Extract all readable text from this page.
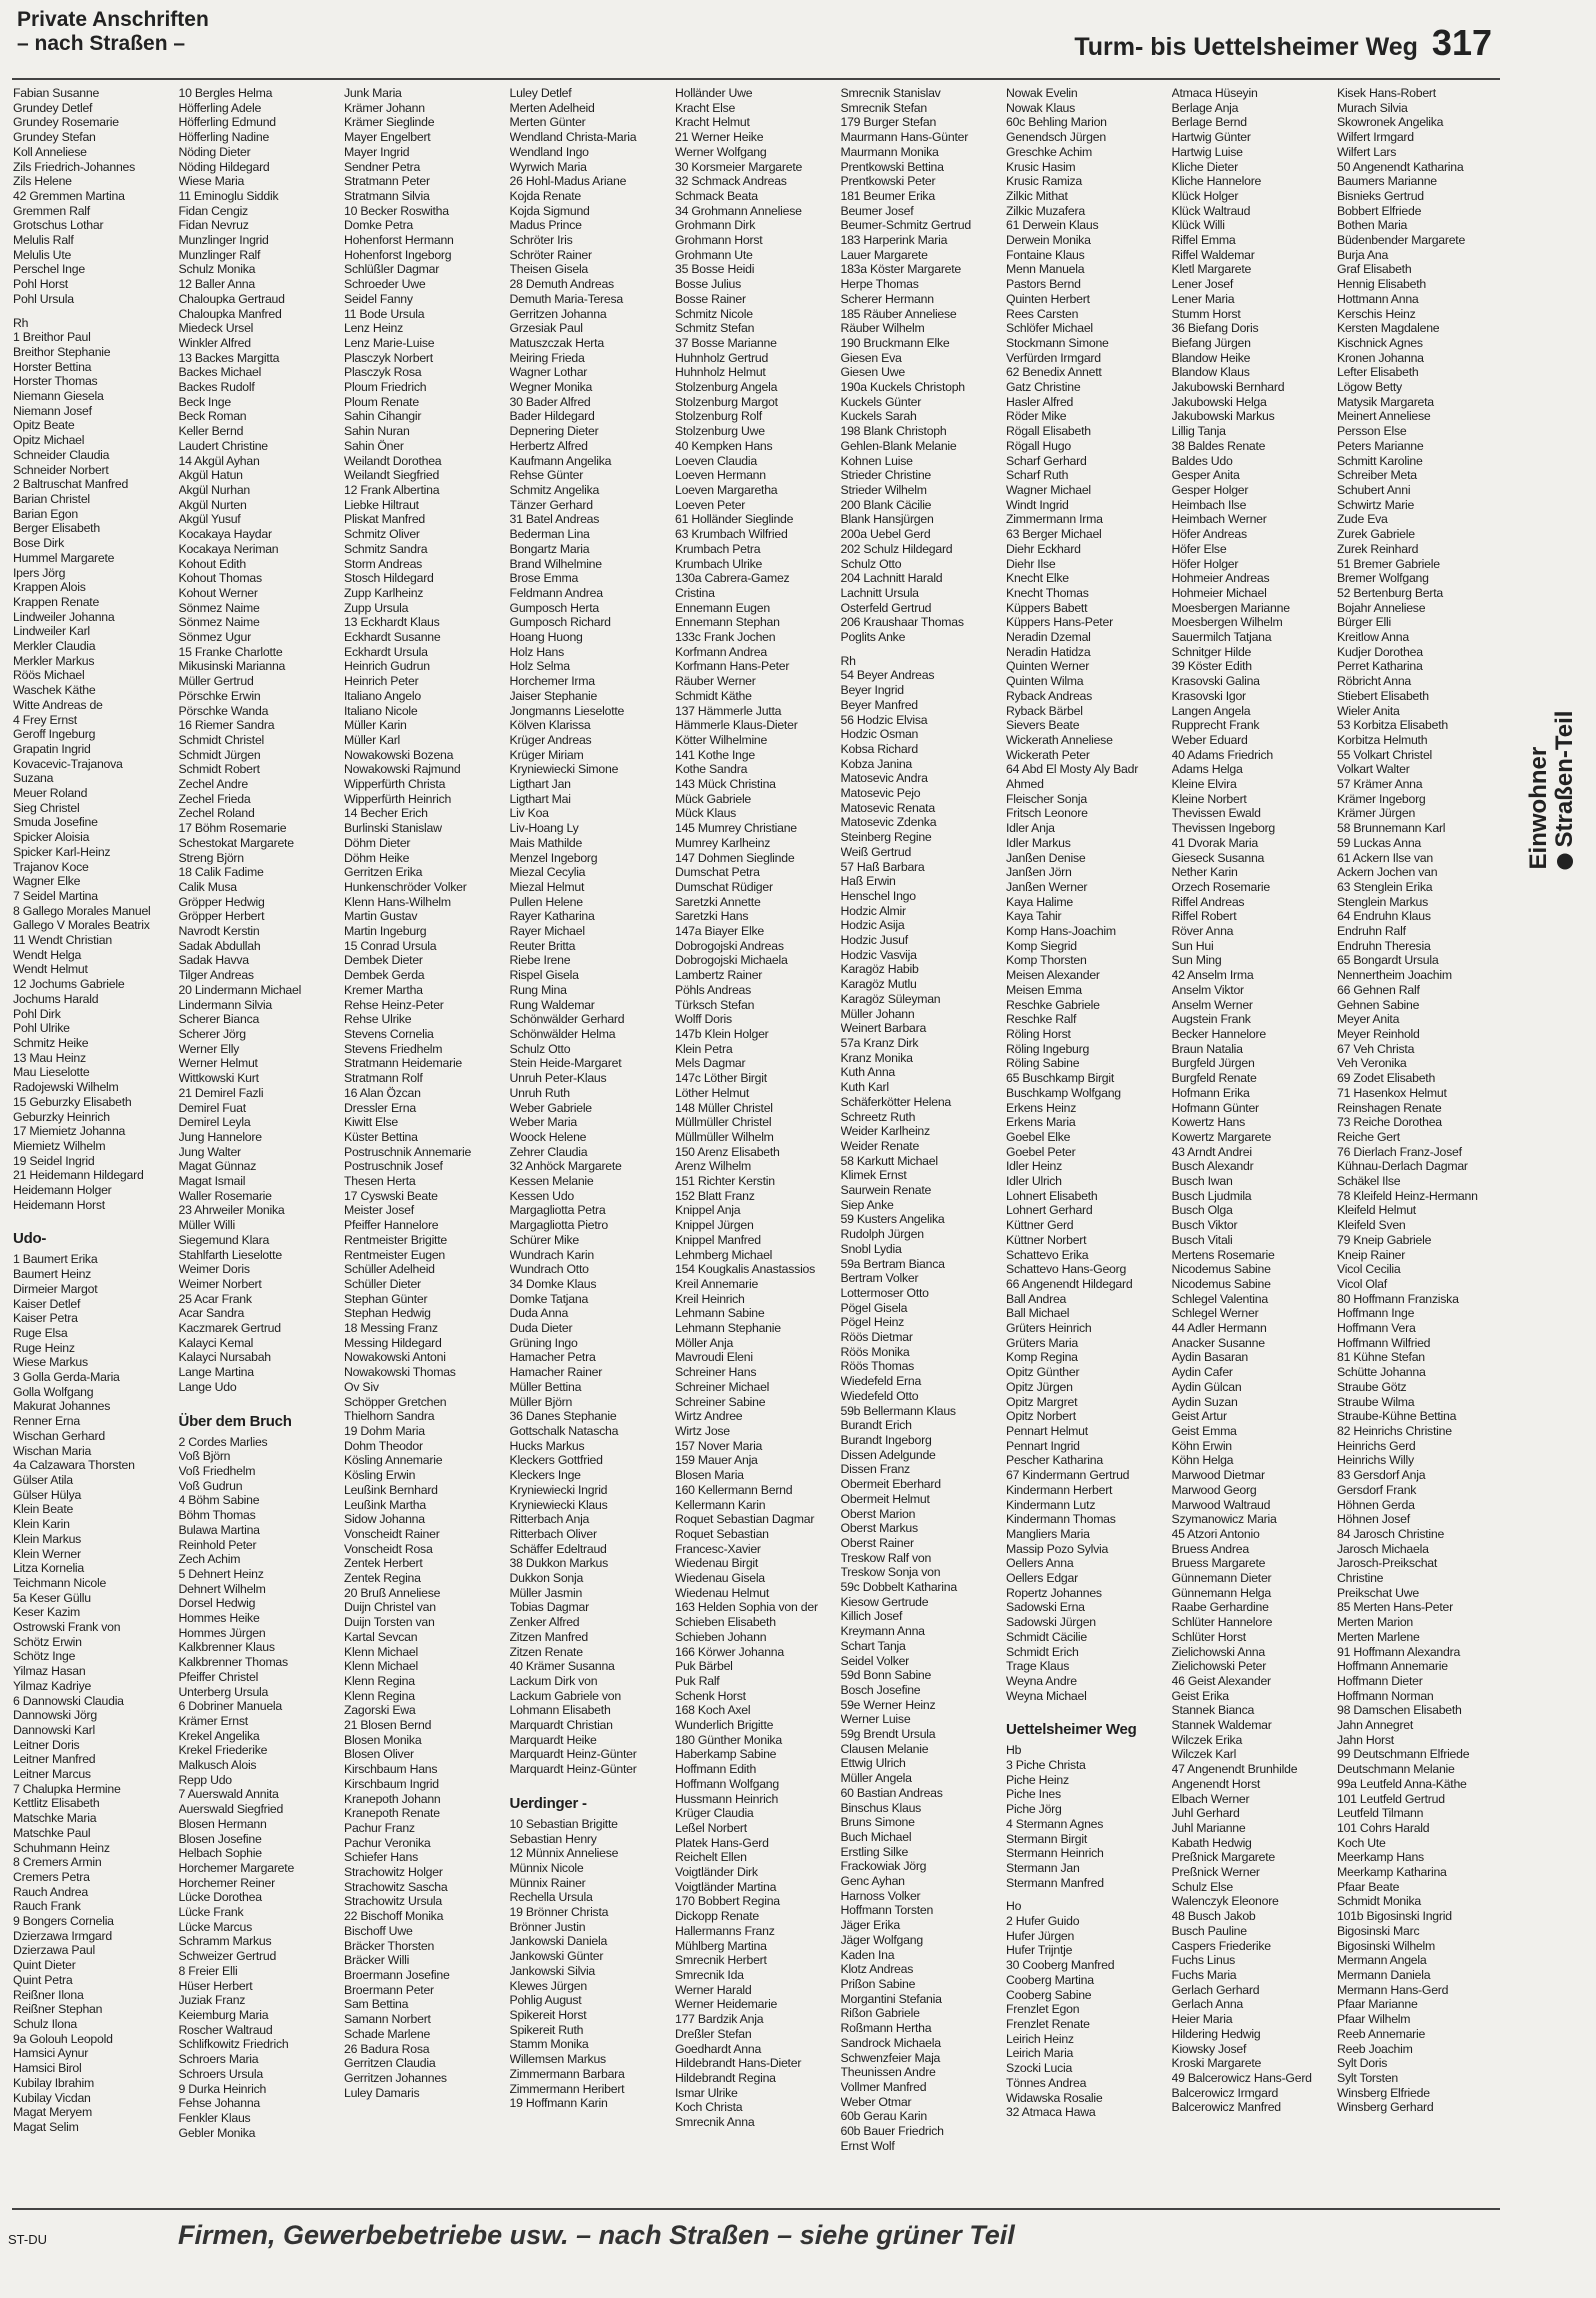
Private Anschriften
– nach Straßen –	Turm- bis Uettelsheimer Weg 317
Fabian Susanne
Grundey Detlef
Grundey Rosemarie
Grundey Stefan
Koll Anneliese
Zils Friedrich-Johannes
Zils Helene
42 Gremmen Martina
Gremmen Ralf
Grotschus Lothar
Melulis Ralf
Melulis Ute
Perschel Inge
Pohl Horst
Pohl Ursula
Rh
1 Breithor Paul
Breithor Stephanie
Horster Bettina
Horster Thomas
Niemann Giesela
Niemann Josef
Opitz Beate
Opitz Michael
Schneider Claudia
Schneider Norbert
2 Baltruschat Manfred
Barian Christel
Barian Egon
Berger Elisabeth
Bose Dirk
Hummel Margarete
Ipers Jörg
Krappen Alois
Krappen Renate
Lindweiler Johanna
Lindweiler Karl
Merkler Claudia
Merkler Markus
Röös Michael
Waschek Käthe
Witte Andreas de
4 Frey Ernst
Geroff Ingeburg
Grapatin Ingrid
Kovacevic-Trajanova
Suzana
Meuer Roland
Sieg Christel
Smuda Josefine
Spicker Aloisia
Spicker Karl-Heinz
Trajanov Koce
Wagner Elke
7 Seidel Martina
8 Gallego Morales Manuel
Gallego V Morales Beatrix
11 Wendt Christian
Wendt Helga
Wendt Helmut
12 Jochums Gabriele
Jochums Harald
Pohl Dirk
Pohl Ulrike
Schmitz Heike
13 Mau Heinz
Mau Lieselotte
Radojewski Wilhelm
15 Geburzky Elisabeth
Geburzky Heinrich
17 Miemietz Johanna
Miemietz Wilhelm
19 Seidel Ingrid
21 Heidemann Hildegard
Heidemann Holger
Heidemann Horst
Udo-
1 Baumert Erika
Baumert Heinz
Dirmeier Margot
Kaiser Detlef
Kaiser Petra
Ruge Elsa
Ruge Heinz
Wiese Markus
3 Golla Gerda-Maria
Golla Wolfgang
Makurat Johannes
Renner Erna
Wischan Gerhard
Wischan Maria
4a Calzawara Thorsten
Gülser Atila
Gülser Hülya
Klein Beate
Klein Karin
Klein Markus
Klein Werner
Litza Kornelia
Teichmann Nicole
5a Keser Güllu
Keser Kazim
Ostrowski Frank von
Schötz Erwin
Schötz Inge
Yilmaz Hasan
Yilmaz Kadriye
6 Dannowski Claudia
Dannowski Jörg
Dannowski Karl
Leitner Doris
Leitner Manfred
Leitner Marcus
7 Chalupka Hermine
Kettlitz Elisabeth
Matschke Maria
Matschke Paul
Schuhmann Heinz
8 Cremers Armin
Cremers Petra
Rauch Andrea
Rauch Frank
9 Bongers Cornelia
Dzierzawa Irmgard
Dzierzawa Paul
Quint Dieter
Quint Petra
Reißner Ilona
Reißner Stephan
Schulz Ilona
9a Golouh Leopold
Hamsici Aynur
Hamsici Birol
Kubilay Ibrahim
Kubilay Vicdan
Magat Meryem
Magat Selim
10 Bergles Helma
Höfferling Adele
Höfferling Edmund
Höfferling Nadine
Nöding Dieter
Nöding Hildegard
Wiese Maria
11 Eminoglu Siddik
Fidan Cengiz
Fidan Nevruz
Munzlinger Ingrid
Munzlinger Ralf
Schulz Monika
12 Baller Anna
Chaloupka Gertraud
Chaloupka Manfred
Miedeck Ursel
Winkler Alfred
13 Backes Margitta
Backes Michael
Backes Rudolf
Beck Inge
Beck Roman
Keller Bernd
Laudert Christine
14 Akgül Ayhan
Akgül Hatun
Akgül Nurhan
Akgül Nurten
Akgül Yusuf
Kocakaya Haydar
Kocakaya Neriman
Kohout Edith
Kohout Thomas
Kohout Werner
Sönmez Naime
Sönmez Naime
Sönmez Ugur
15 Franke Charlotte
Mikusinski Marianna
Müller Gertrud
Pörschke Erwin
Pörschke Wanda
16 Riemer Sandra
Schmidt Christel
Schmidt Jürgen
Schmidt Robert
Zechel Andre
Zechel Frieda
Zechel Roland
17 Böhm Rosemarie
Schestokat Margarete
Streng Björn
18 Calik Fadime
Calik Musa
Gröpper Hedwig
Gröpper Herbert
Navrodt Kerstin
Sadak Abdullah
Sadak Havva
Tilger Andreas
20 Lindermann Michael
Lindermann Silvia
Scherer Bianca
Scherer Jörg
Werner Elly
Werner Helmut
Wittkowski Kurt
21 Demirel Fazli
Demirel Fuat
Demirel Leyla
Jung Hannelore
Jung Walter
Magat Günnaz
Magat Ismail
Waller Rosemarie
23 Ahrweiler Monika
Müller Willi
Siegemund Klara
Stahlfarth Lieselotte
Weimer Doris
Weimer Norbert
25 Acar Frank
Acar Sandra
Kaczmarek Gertrud
Kalayci Kemal
Kalayci Nursabah
Lange Martina
Lange Udo
Über dem Bruch
2 Cordes Marlies
Voß Björn
Voß Friedhelm
Voß Gudrun
4 Böhm Sabine
Böhm Thomas
Bulawa Martina
Reinhold Peter
Zech Achim
5 Dehnert Heinz
Dehnert Wilhelm
Dorsel Hedwig
Hommes Heike
Hommes Jürgen
Kalkbrenner Klaus
Kalkbrenner Thomas
Pfeiffer Christel
Unterberg Ursula
6 Dobriner Manuela
Krämer Ernst
Krekel Angelika
Krekel Friederike
Malkusch Alois
Repp Udo
7 Auerswald Annita
Auerswald Siegfried
Blosen Hermann
Blosen Josefine
Helbach Sophie
Horchemer Margarete
Horchemer Reiner
Lücke Dorothea
Lücke Frank
Lücke Marcus
Schramm Markus
Schweizer Gertrud
8 Freier Elli
Hüser Herbert
Juziak Franz
Keiemburg Maria
Roscher Waltraud
Schlifkowitz Friedrich
Schroers Maria
Schroers Ursula
9 Durka Heinrich
Fehse Johanna
Fenkler Klaus
Gebler Monika
Junk Maria
Krämer Johann
Krämer Sieglinde
Mayer Engelbert
Mayer Ingrid
Sendner Petra
Stratmann Peter
Stratmann Silvia
10 Becker Roswitha
Domke Petra
Hohenforst Hermann
Hohenforst Ingeborg
Schlüßler Dagmar
Schroeder Uwe
Seidel Fanny
11 Bode Ursula
Lenz Heinz
Lenz Marie-Luise
Plasczyk Norbert
Plasczyk Rosa
Ploum Friedrich
Ploum Renate
Sahin Cihangir
Sahin Nuran
Sahin Öner
Weilandt Dorothea
Weilandt Siegfried
12 Frank Albertina
Liebke Hiltraut
Pliskat Manfred
Schmitz Oliver
Schmitz Sandra
Storm Andreas
Stosch Hildegard
Zupp Karlheinz
Zupp Ursula
13 Eckhardt Klaus
Eckhardt Susanne
Eckhardt Ursula
Heinrich Gudrun
Heinrich Peter
Italiano Angelo
Italiano Nicole
Müller Karin
Müller Karl
Nowakowski Bozena
Nowakowski Rajmund
Wipperfürth Christa
Wipperfürth Heinrich
14 Becher Erich
Burlinski Stanislaw
Döhm Dieter
Döhm Heike
Gerritzen Erika
Hunkenschröder Volker
Klenn Hans-Wilhelm
Martin Gustav
Martin Ingeburg
15 Conrad Ursula
Dembek Dieter
Dembek Gerda
Kremer Martha
Rehse Heinz-Peter
Rehse Ulrike
Stevens Cornelia
Stevens Friedhelm
Stratmann Heidemarie
Stratmann Rolf
16 Alan Özcan
Dressler Erna
Kiwitt Else
Küster Bettina
Postruschnik Annemarie
Postruschnik Josef
Thesen Herta
17 Cyswski Beate
Meister Josef
Pfeiffer Hannelore
Rentmeister Brigitte
Rentmeister Eugen
Schüller Adelheid
Schüller Dieter
Stephan Günter
Stephan Hedwig
18 Messing Franz
Messing Hildegard
Nowakowski Antoni
Nowakowski Thomas
Ov Siv
Schöpper Gretchen
Thielhorn Sandra
19 Dohm Maria
Dohm Theodor
Kösling Annemarie
Kösling Erwin
Leußink Bernhard
Leußink Martha
Sidow Johanna
Vonscheidt Rainer
Vonscheidt Rosa
Zentek Herbert
Zentek Regina
20 Bruß Anneliese
Duijn Christel van
Duijn Torsten van
Kartal Sevcan
Klenn Michael
Klenn Michael
Klenn Regina
Klenn Regina
Zagorski Ewa
21 Blosen Bernd
Blosen Monika
Blosen Oliver
Kirschbaum Hans
Kirschbaum Ingrid
Kranepoth Johann
Kranepoth Renate
Pachur Franz
Pachur Veronika
Schiefer Hans
Strachowitz Holger
Strachowitz Sascha
Strachowitz Ursula
22 Bischoff Monika
Bischoff Uwe
Bräcker Thorsten
Bräcker Willi
Broermann Josefine
Broermann Peter
Sam Bettina
Samann Norbert
Schade Marlene
26 Badura Rosa
Gerritzen Claudia
Gerritzen Johannes
Luley Damaris
Luley Detlef
Merten Adelheid
Merten Günter
Wendland Christa-Maria
Wendland Ingo
Wyrwich Maria
26 Hohl-Madus Ariane
Kojda Renate
Kojda Sigmund
Madus Prince
Schröter Iris
Schröter Rainer
Theisen Gisela
28 Demuth Andreas
Demuth Maria-Teresa
Gerritzen Johanna
Grzesiak Paul
Matuszczak Herta
Meiring Frieda
Wagner Lothar
Wegner Monika
30 Bader Alfred
Bader Hildegard
Depnering Dieter
Herbertz Alfred
Kaufmann Angelika
Rehse Günter
Schmitz Angelika
Tänzer Gerhard
31 Batel Andreas
Bederman Lina
Bongartz Maria
Brand Wilhelmine
Brose Emma
Feldmann Andrea
Gumposch Herta
Gumposch Richard
Hoang Huong
Holz Hans
Holz Selma
Horchemer Irma
Jaiser Stephanie
Jongmanns Lieselotte
Kölven Klarissa
Krüger Andreas
Krüger Miriam
Kryniewiecki Simone
Ligthart Jan
Ligthart Mai
Liv Koa
Liv-Hoang Ly
Mais Mathilde
Menzel Ingeborg
Miezal Cecylia
Miezal Helmut
Pullen Helene
Rayer Katharina
Rayer Michael
Reuter Britta
Riebe Irene
Rispel Gisela
Rung Mina
Rung Waldemar
Schönwälder Gerhard
Schönwälder Helma
Schulz Otto
Stein Heide-Margaret
Unruh Peter-Klaus
Unruh Ruth
Weber Gabriele
Weber Maria
Woock Helene
Zehrer Claudia
32 Anhöck Margarete
Kessen Melanie
Kessen Udo
Margagliotta Petra
Margagliotta Pietro
Schürer Mike
Wundrach Karin
Wundrach Otto
34 Domke Klaus
Domke Tatjana
Duda Anna
Duda Dieter
Grüning Ingo
Hamacher Petra
Hamacher Rainer
Müller Bettina
Müller Björn
36 Danes Stephanie
Gottschalk Natascha
Hucks Markus
Kleckers Gottfried
Kleckers Inge
Kryniewiecki Ingrid
Kryniewiecki Klaus
Ritterbach Anja
Ritterbach Oliver
Schäffer Edeltraud
38 Dukkon Markus
Dukkon Sonja
Müller Jasmin
Tobias Dagmar
Zenker Alfred
Zitzen Manfred
Zitzen Renate
40 Krämer Susanna
Lackum Dirk von
Lackum Gabriele von
Lohmann Elisabeth
Marquardt Christian
Marquardt Heike
Marquardt Heinz-Günter
Marquardt Heinz-Günter
Uerdinger -
10 Sebastian Brigitte
Sebastian Henry
12 Münnix Anneliese
Münnix Nicole
Münnix Rainer
Rechella Ursula
19 Brönner Christa
Brönner Justin
Jankowski Daniela
Jankowski Günter
Jankowski Silvia
Klewes Jürgen
Pohlig August
Spikereit Horst
Spikereit Ruth
Stamm Monika
Willemsen Markus
Zimmermann Barbara
Zimmermann Heribert
19 Hoffmann Karin
Holländer Uwe
Kracht Else
Kracht Helmut
21 Werner Heike
Werner Wolfgang
30 Korsmeier Margarete
32 Schmack Andreas
Schmack Beata
34 Grohmann Anneliese
Grohmann Dirk
Grohmann Horst
Grohmann Ute
35 Bosse Heidi
Bosse Julius
Bosse Rainer
Schmitz Nicole
Schmitz Stefan
37 Bosse Marianne
Huhnholz Gertrud
Huhnholz Helmut
Stolzenburg Angela
Stolzenburg Margot
Stolzenburg Rolf
Stolzenburg Uwe
40 Kempken Hans
Loeven Claudia
Loeven Hermann
Loeven Margaretha
Loeven Peter
61 Holländer Sieglinde
63 Krumbach Wilfried
Krumbach Petra
Krumbach Ulrike
130a Cabrera-Gamez
Cristina
Ennemann Eugen
Ennemann Stephan
133c Frank Jochen
Korfmann Andrea
Korfmann Hans-Peter
Räuber Werner
Schmidt Käthe
137 Hämmerle Jutta
Hämmerle Klaus-Dieter
Kötter Wilhelmine
141 Kothe Inge
Kothe Sandra
143 Mück Christina
Mück Gabriele
Mück Klaus
145 Mumrey Christiane
Mumrey Karlheinz
147 Dohmen Sieglinde
Dumschat Petra
Dumschat Rüdiger
Saretzki Annette
Saretzki Hans
147a Biayer Elke
Dobrogojski Andreas
Dobrogojski Michaela
Lambertz Rainer
Pöhls Andreas
Türksch Stefan
Wolff Doris
147b Klein Holger
Klein Petra
Mels Dagmar
147c Löther Birgit
Löther Helmut
148 Müller Christel
Müllmüller Christel
Müllmüller Wilhelm
150 Arenz Elisabeth
Arenz Wilhelm
151 Richter Kerstin
152 Blatt Franz
Knippel Anja
Knippel Jürgen
Knippel Manfred
Lehmberg Michael
154 Kougkalis Anastassios
Kreil Annemarie
Kreil Heinrich
Lehmann Sabine
Lehmann Stephanie
Möller Anja
Mavroudi Eleni
Schreiner Hans
Schreiner Michael
Schreiner Sabine
Wirtz Andree
Wirtz Jose
157 Nover Maria
159 Mauer Anja
Blosen Maria
160 Kellermann Bernd
Kellermann Karin
Roquet Sebastian Dagmar
Roquet Sebastian
Francesc-Xavier
Wiedenau Birgit
Wiedenau Gisela
Wiedenau Helmut
163 Helden Sophia von der
Schieben Elisabeth
Schieben Johann
166 Körwer Johanna
Puk Bärbel
Puk Ralf
Schenk Horst
168 Koch Axel
Wunderlich Brigitte
180 Günther Monika
Haberkamp Sabine
Hoffmann Edith
Hoffmann Wolfgang
Hussmann Heinrich
Krüger Claudia
Leßel Norbert
Platek Hans-Gerd
Reichelt Ellen
Voigtländer Dirk
Voigtländer Martina
170 Bobbert Regina
Dickopp Renate
Hallermanns Franz
Mühlberg Martina
Smrecnik Herbert
Smrecnik Ida
Werner Harald
Werner Heidemarie
177 Bardzik Anja
Dreßler Stefan
Goedhardt Anna
Hildebrandt Hans-Dieter
Hildebrandt Regina
Ismar Ulrike
Koch Christa
Smrecnik Anna
Smrecnik Stanislav
Smrecnik Stefan
179 Burger Stefan
Maurmann Hans-Günter
Maurmann Monika
Prentkowski Bettina
Prentkowski Peter
181 Beumer Erika
Beumer Josef
Beumer-Schmitz Gertrud
183 Harperink Maria
Lauer Margarete
183a Köster Margarete
Herpe Thomas
Scherer Hermann
185 Räuber Anneliese
Räuber Wilhelm
190 Bruckmann Elke
Giesen Eva
Giesen Uwe
190a Kuckels Christoph
Kuckels Günter
Kuckels Sarah
198 Blank Christoph
Gehlen-Blank Melanie
Kohnen Luise
Strieder Christine
Strieder Wilhelm
200 Blank Cäcilie
Blank Hansjürgen
200a Uebel Gerd
202 Schulz Hildegard
Schulz Otto
204 Lachnitt Harald
Lachnitt Ursula
Osterfeld Gertrud
206 Kraushaar Thomas
Poglits Anke
Rh
54 Beyer Andreas
Beyer Ingrid
Beyer Manfred
56 Hodzic Elvisa
Hodzic Osman
Kobsa Richard
Kobza Janina
Matosevic Andra
Matosevic Pejo
Matosevic Renata
Matosevic Zdenka
Steinberg Regine
Weiß Gertrud
57 Haß Barbara
Haß Erwin
Henschel Ingo
Hodzic Almir
Hodzic Asija
Hodzic Jusuf
Hodzic Vasvija
Karagöz Habib
Karagöz Mutlu
Karagöz Süleyman
Müller Johann
Weinert Barbara
57a Kranz Dirk
Kranz Monika
Kuth Anna
Kuth Karl
Schäferkötter Helena
Schreetz Ruth
Weider Karlheinz
Weider Renate
58 Karkutt Michael
Klimek Ernst
Saurwein Renate
Siep Anke
59 Kusters Angelika
Rudolph Jürgen
Snobl Lydia
59a Bertram Bianca
Bertram Volker
Lottermoser Otto
Pögel Gisela
Pögel Heinz
Röös Dietmar
Röös Monika
Röös Thomas
Wiedefeld Erna
Wiedefeld Otto
59b Bellermann Klaus
Burandt Erich
Burandt Ingeborg
Dissen Adelgunde
Dissen Franz
Obermeit Eberhard
Obermeit Helmut
Oberst Marion
Oberst Markus
Oberst Rainer
Treskow Ralf von
Treskow Sonja von
59c Dobbelt Katharina
Kiesow Gertrude
Killich Josef
Kreymann Anna
Schart Tanja
Seidel Volker
59d Bonn Sabine
Bosch Josefine
59e Werner Heinz
Werner Luise
59g Brendt Ursula
Clausen Melanie
Ettwig Ulrich
Müller Angela
60 Bastian Andreas
Binschus Klaus
Bruns Simone
Buch Michael
Erstling Silke
Frackowiak Jörg
Genc Ayhan
Harnoss Volker
Hoffmann Torsten
Jäger Erika
Jäger Wolfgang
Kaden Ina
Klotz Andreas
Prißon Sabine
Morgantini Stefania
Rißon Gabriele
Roßmann Hertha
Sandrock Michaela
Schwenzfeier Maja
Theunissen Andre
Vollmer Manfred
Weber Otmar
60b Gerau Karin
60b Bauer Friedrich
Ernst Wolf
Nowak Evelin
Nowak Klaus
60c Behling Marion
Genendsch Jürgen
Greschke Achim
Krusic Hasim
Krusic Ramiza
Zilkic Mithat
Zilkic Muzafera
61 Derwein Klaus
Derwein Monika
Fontaine Klaus
Menn Manuela
Pastors Bernd
Quinten Herbert
Rees Carsten
Schlöfer Michael
Stockmann Simone
Verfürden Irmgard
62 Benedix Annett
Gatz Christine
Hasler Alfred
Röder Mike
Rögall Elisabeth
Rögall Hugo
Scharf Gerhard
Scharf Ruth
Wagner Michael
Windt Ingrid
Zimmermann Irma
63 Berger Michael
Diehr Eckhard
Diehr Ilse
Knecht Elke
Knecht Thomas
Küppers Babett
Küppers Hans-Peter
Neradin Dzemal
Neradin Hatidza
Quinten Werner
Quinten Wilma
Ryback Andreas
Ryback Bärbel
Sievers Beate
Wickerath Anneliese
Wickerath Peter
64 Abd El Mosty Aly Badr
Ahmed
Fleischer Sonja
Fritsch Leonore
Idler Anja
Idler Markus
Janßen Denise
Janßen Jörn
Janßen Werner
Kaya Halime
Kaya Tahir
Komp Hans-Joachim
Komp Siegrid
Komp Thorsten
Meisen Alexander
Meisen Emma
Reschke Gabriele
Reschke Ralf
Röling Horst
Röling Ingeburg
Röling Sabine
65 Buschkamp Birgit
Buschkamp Wolfgang
Erkens Heinz
Erkens Maria
Goebel Elke
Goebel Peter
Idler Heinz
Idler Ulrich
Lohnert Elisabeth
Lohnert Gerhard
Küttner Gerd
Küttner Norbert
Schattevo Erika
Schattevo Hans-Georg
66 Angenendt Hildegard
Ball Andrea
Ball Michael
Grüters Heinrich
Grüters Maria
Komp Regina
Opitz Günther
Opitz Jürgen
Opitz Margret
Opitz Norbert
Pennart Helmut
Pennart Ingrid
Pescher Katharina
67 Kindermann Gertrud
Kindermann Herbert
Kindermann Lutz
Kindermann Thomas
Mangliers Maria
Massip Pozo Sylvia
Oellers Anna
Oellers Edgar
Ropertz Johannes
Sadowski Erna
Sadowski Jürgen
Schmidt Cäcilie
Schmidt Erich
Trage Klaus
Weyna Andre
Weyna Michael
Uettelsheimer Weg
Hb
3 Piche Christa
Piche Heinz
Piche Ines
Piche Jörg
4 Stermann Agnes
Stermann Birgit
Stermann Heinrich
Stermann Jan
Stermann Manfred
Ho
2 Hufer Guido
Hufer Jürgen
Hufer Trijntje
30 Cooberg Manfred
Cooberg Martina
Cooberg Sabine
Frenzlet Egon
Frenzlet Renate
Leirich Heinz
Leirich Maria
Szocki Lucia
Tönnes Andrea
Widawska Rosalie
32 Atmaca Hawa
Atmaca Hüseyin
Berlage Anja
Berlage Bernd
Hartwig Günter
Hartwig Luise
Kliche Dieter
Kliche Hannelore
Klück Holger
Klück Waltraud
Klück Willi
Riffel Emma
Riffel Waldemar
Kletl Margarete
Lener Josef
Lener Maria
Stumm Horst
36 Biefang Doris
Biefang Jürgen
Blandow Heike
Blandow Klaus
Jakubowski Bernhard
Jakubowski Helga
Jakubowski Markus
Lillig Tanja
38 Baldes Renate
Baldes Udo
Gesper Anita
Gesper Holger
Heimbach Ilse
Heimbach Werner
Höfer Andreas
Höfer Else
Höfer Holger
Hohmeier Andreas
Hohmeier Michael
Moesbergen Marianne
Moesbergen Wilhelm
Sauermilch Tatjana
Schnitger Hilde
39 Köster Edith
Krasovski Galina
Krasovski Igor
Langen Angela
Rupprecht Frank
Weber Eduard
40 Adams Friedrich
Adams Helga
Kleine Elvira
Kleine Norbert
Thevissen Ewald
Thevissen Ingeborg
41 Dvorak Maria
Gieseck Susanna
Nether Karin
Orzech Rosemarie
Riffel Andreas
Riffel Robert
Röver Anna
Sun Hui
Sun Ming
42 Anselm Irma
Anselm Viktor
Anselm Werner
Augstein Frank
Becker Hannelore
Braun Natalia
Burgfeld Jürgen
Burgfeld Renate
Hofmann Erika
Hofmann Günter
Kowertz Hans
Kowertz Margarete
43 Arndt Andrei
Busch Alexandr
Busch Iwan
Busch Ljudmila
Busch Olga
Busch Viktor
Busch Vitali
Mertens Rosemarie
Nicodemus Sabine
Nicodemus Sabine
Schlegel Valentina
Schlegel Werner
44 Adler Hermann
Anacker Susanne
Aydin Basaran
Aydin Cafer
Aydin Gülcan
Aydin Suzan
Geist Artur
Geist Emma
Köhn Erwin
Köhn Helga
Marwood Dietmar
Marwood Georg
Marwood Waltraud
Szymanowicz Maria
45 Atzori Antonio
Bruess Andrea
Bruess Margarete
Günnemann Dieter
Günnemann Helga
Raabe Gerhardine
Schlüter Hannelore
Schlüter Horst
Zielichowski Anna
Zielichowski Peter
46 Geist Alexander
Geist Erika
Stannek Bianca
Stannek Waldemar
Wilczek Erika
Wilczek Karl
47 Angenendt Brunhilde
Angenendt Horst
Elbach Werner
Juhl Gerhard
Juhl Marianne
Kabath Hedwig
Preßnick Margarete
Preßnick Werner
Schulz Else
Walenczyk Eleonore
48 Busch Jakob
Busch Pauline
Caspers Friederike
Fuchs Linus
Fuchs Maria
Gerlach Gerhard
Gerlach Anna
Heier Maria
Hildering Hedwig
Kiowsky Josef
Kroski Margarete
49 Balcerowicz Hans-Gerd
Balcerowicz Irmgard
Balcerowicz Manfred
Kisek Hans-Robert
Murach Silvia
Skowronek Angelika
Wilfert Irmgard
Wilfert Lars
50 Angenendt Katharina
Baumers Marianne
Bisnieks Gertrud
Bobbert Elfriede
Bothen Maria
Büdenbender Margarete
Burja Ana
Graf Elisabeth
Hennig Elisabeth
Hottmann Anna
Kerschis Heinz
Kersten Magdalene
Kischnick Agnes
Kronen Johanna
Lefter Elisabeth
Lögow Betty
Matysik Margareta
Meinert Anneliese
Persson Else
Peters Marianne
Schmitt Karoline
Schreiber Meta
Schubert Anni
Schwirtz Marie
Zude Eva
Zurek Gabriele
Zurek Reinhard
51 Bremer Gabriele
Bremer Wolfgang
52 Bertenburg Berta
Bojahr Anneliese
Bürger Elli
Kreitlow Anna
Kudjer Dorothea
Perret Katharina
Röbricht Anna
Stiebert Elisabeth
Wieler Anita
53 Korbitza Elisabeth
Korbitza Helmuth
55 Volkart Christel
Volkart Walter
57 Krämer Anna
Krämer Ingeborg
Krämer Jürgen
58 Brunnemann Karl
59 Luckas Anna
61 Ackern Ilse van
Ackern Jochen van
63 Stenglein Erika
Stenglein Markus
64 Endruhn Klaus
Endruhn Ralf
Endruhn Theresia
65 Bongardt Ursula
Nennertheim Joachim
66 Gehnen Ralf
Gehnen Sabine
Meyer Anita
Meyer Reinhold
67 Veh Christa
Veh Veronika
69 Zodet Elisabeth
71 Hasenkox Helmut
Reinshagen Renate
73 Reiche Dorothea
Reiche Gert
76 Dierlach Franz-Josef
Kühnau-Derlach Dagmar
Schäkel Ilse
78 Kleifeld Heinz-Hermann
Kleifeld Helmut
Kleifeld Sven
79 Kneip Gabriele
Kneip Rainer
Vicol Cecilia
Vicol Olaf
80 Hoffmann Franziska
Hoffmann Inge
Hoffmann Vera
Hoffmann Wilfried
81 Kühne Stefan
Schütte Johanna
Straube Götz
Straube Wilma
Straube-Kühne Bettina
82 Heinrichs Christine
Heinrichs Gerd
Heinrichs Willy
83 Gersdorf Anja
Gersdorf Frank
Höhnen Gerda
Höhnen Josef
84 Jarosch Christine
Jarosch Michaela
Jarosch-Preikschat
Christine
Preikschat Uwe
85 Merten Hans-Peter
Merten Marion
Merten Marlene
91 Hoffmann Alexandra
Hoffmann Annemarie
Hoffmann Dieter
Hoffmann Norman
98 Damschen Elisabeth
Jahn Annegret
Jahn Horst
99 Deutschmann Elfriede
Deutschmann Melanie
99a Leutfeld Anna-Käthe
101 Leutfeld Gertrud
Leutfeld Tilmann
101 Cohrs Harald
Koch Ute
Meerkamp Hans
Meerkamp Katharina
Pfaar Beate
Schmidt Monika
101b Bigosinski Ingrid
Bigosinski Marc
Bigosinski Wilhelm
Mermann Angela
Mermann Daniela
Mermann Hans-Gerd
Pfaar Marianne
Pfaar Wilhelm
Reeb Annemarie
Reeb Joachim
Sylt Doris
Sylt Torsten
Winsberg Elfriede
Winsberg Gerhard
Einwohner Straßen-Teil
ST-DU	Firmen, Gewerbebetriebe usw. – nach Straßen – siehe grüner Teil
